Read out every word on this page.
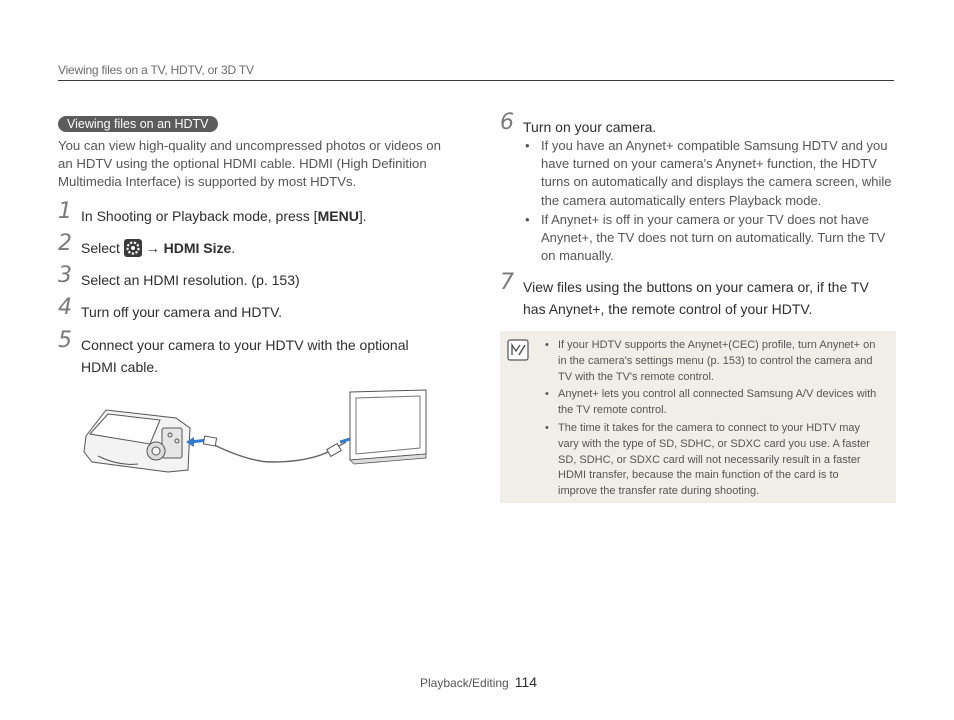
Viewing files on a TV, HDTV, or 3D TV
Viewing files on an HDTV
You can view high-quality and uncompressed photos or videos on an HDTV using the optional HDMI cable. HDMI (High Definition Multimedia Interface) is supported by most HDTVs.
1 In Shooting or Playback mode, press [MENU].
2 Select → HDMI Size.
3 Select an HDMI resolution. (p. 153)
4 Turn off your camera and HDTV.
5 Connect your camera to your HDTV with the optional HDMI cable.
6 Turn on your camera.
• If you have an Anynet+ compatible Samsung HDTV and you have turned on your camera's Anynet+ function, the HDTV turns on automatically and displays the camera screen, while the camera automatically enters Playback mode.
• If Anynet+ is off in your camera or your TV does not have Anynet+, the TV does not turn on automatically. Turn the TV on manually.
7 View files using the buttons on your camera or, if the TV has Anynet+, the remote control of your HDTV.
• If your HDTV supports the Anynet+(CEC) profile, turn Anynet+ on in the camera's settings menu (p. 153) to control the camera and TV with the TV's remote control.
• Anynet+ lets you control all connected Samsung A/V devices with the TV remote control.
• The time it takes for the camera to connect to your HDTV may vary with the type of SD, SDHC, or SDXC card you use. A faster SD, SDHC, or SDXC card will not necessarily result in a faster HDMI transfer, because the main function of the card is to improve the transfer rate during shooting.
Playback/Editing 114
